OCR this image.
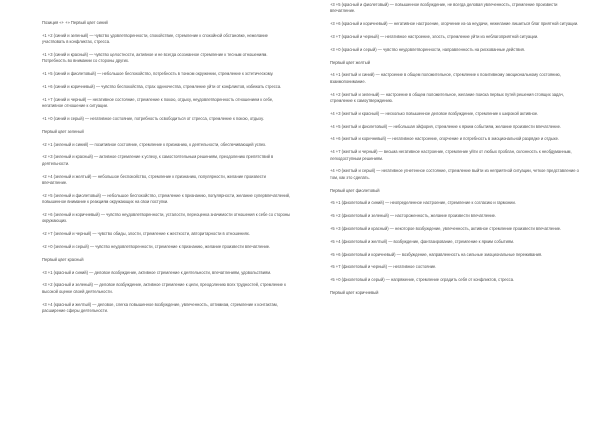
Позиция «+ +» Первый цвет синий

+1 +2 (синий и зеленый) — чувство удовлетворенности, спокойствие, стремление к спокойной обстановке, нежелание участвовать в конфликтах, стресса.

+1 +3 (синий и красный) — чувство целостности, активное и не всегда осознанное стремление к тесным отношениям. Потребность во внимании со стороны других.

+1 +5 (синий и фиолетовый) — небольшое беспокойство, потребность в тонком окружении, стремление к эстетическому.

+1 +6 (синий и коричневый) — чувство беспокойства, страх одиночества, стремление уйти от конфликтов, избежать стресса.

+1 +7 (синий и черный) — негативное состояние, стремление к покою, отдыху, неудовлетворенность отношением к себе, негативное отношение к ситуации.

+1 +0 (синий и серый) — негативное состояние, потребность освободиться от стресса, стремление к покою, отдыху.

Первый цвет зеленый

+2 +1 (зеленый и синий) — позитивное состояние, стремление к признанию, к деятельности, обеспечивающей успех.

+2 +3 (зеленый и красный) — активное стремление к успеху, к самостоятельным решениям, преодолению препятствий в деятельности.

+2 +4 (зеленый и желтый) — небольшое беспокойство, стремление к признанию, популярности, желание произвести впечатление.

+2 +5 (зеленый и фиолетовый) — небольшое беспокойство, стремление к признанию, популярности, желание супервпечатлений, повышенное внимание к реакциям окружающих на свои поступки.

+2 +6 (зеленый и коричневый) — чувство неудовлетворенности, усталости, переоценка значимости отношения к себе со стороны окружающих.

+2 +7 (зеленый и черный) — чувство обиды, злости, стремление к жесткости, авторитарности в отношениях.

+2 +0 (зеленый и серый) — чувство неудовлетворенности, стремление к признанию, желание произвести впечатление.

Первый цвет красный

+3 +1 (красный и синий) — деловое возбуждение, активное стремление к деятельности, впечатлениям, удовольствиям.

+3 +2 (красный и зеленый) — деловое возбуждение, активное стремление к цели, преодолению всех трудностей, стремление к высокой оценке своей деятельности.

+3 +4 (красный и желтый) — деловое, слегка повышенное возбуждение, увлеченность, оптимизм, стремление к контактам, расширение сферы деятельности.

+3 +5 (красный и фиолетовый) — повышенное возбуждение, не всегда деловая увлеченность, стремление произвести впечатление.

+3 +6 (красный и коричневый) — негативное настроение, огорчение из-за неудачи, нежелание лишиться благ приятной ситуации.

+3 +7 (красный и черный) — негативное настроение, злость, стремление уйти из неблагоприятной ситуации.

+3 +0 (красный и серый) — чувство неудовлетворенности, направленность на рискованные действия.

Первый цвет желтый

+4 +1 (желтый и синий) — настроение в общем положительное, стремление к позитивному эмоциональному состоянию, взаимопонимание.

+4 +2 (желтый и зеленый) — настроение в общем положительное, желание поиска первых путей решения стоящих задач, стремление к самоутверждению.

+4 +3 (желтый и красный) — несколько повышенное деловое возбуждение, стремление к широкой активное.

+4 +5 (желтый и фиолетовый) — небольшая эйфория, стремление к ярким событиям, желание произвести впечатление.

+4 +6 (желтый и коричневый) — негативное настроение, огорчение и потребность в эмоциональной разрядке и отдыхе.

+4 +7 (желтый и черный) — весьма негативное настроение, стремление уйти от любых проблан, склонность к необдуманным, легкодоступным решениям.

+4 +0 (желтый и серый) — негативное угнетенное состояние, стремление выйти из неприятной ситуации, четкое представление о том, как это сделать.

Первый цвет фиолетовый

+5 +1 (фиолетовый и синий) — неопределенное настроение, стремление к согласию и гармонии.

+5 +2 (фиолетовый и зеленый) — настороженность, желание произвести впечатление.

+5 +3 (фиолетовый и красный) — некоторое возбуждение, увлеченность, активное стремление произвести впечатление.

+5 +4 (фиолетовый и желтый) — возбуждение, фантазирование, стремление к ярким событиям.

+5 +6 (фиолетовый и коричневый) — возбуждение, направленность на сильные эмоциональные переживания.

+5 +7 (фиолетовый и черный) — негативное состояние.

+5 +0 (фиолетовый и серый) — напряжение, стремление оградить себя от конфликтов, стресса.

Первый цвет коричневый
